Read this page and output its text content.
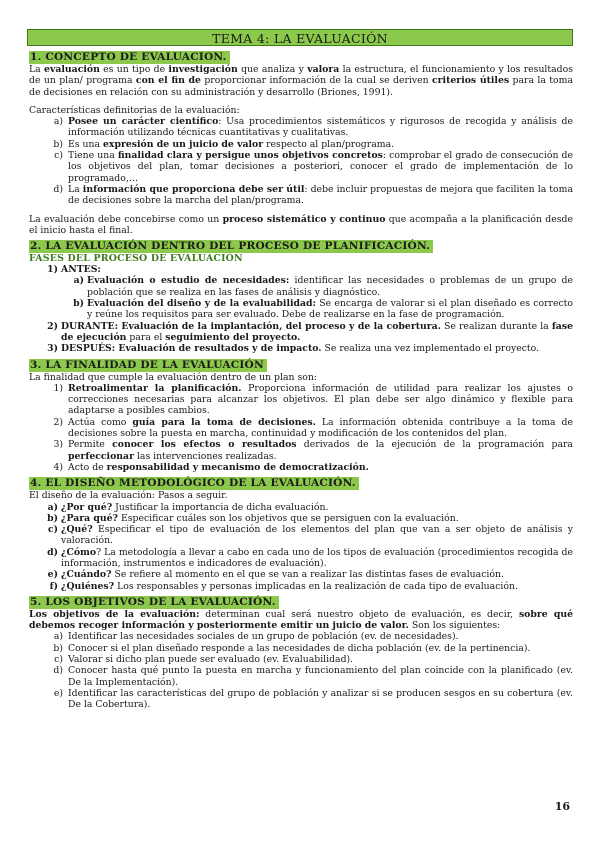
TEMA 4: LA EVALUACIÓN
1. CONCEPTO DE EVALUACION.

La evaluación es un tipo de investigación que analiza y valora la estructura, el funcionamiento y los resultados de un plan/ programa con el fin de proporcionar información de la cual se deriven criterios útiles para la toma de decisiones en relación con su administración y desarrollo (Briones, 1991).

Características definitorias de la evaluación:

a) Posee un carácter científico: Usa procedimientos sistemáticos y rigurosos de recogida y análisis de información utilizando técnicas cuantitativas y cualitativas.
b) Es una expresión de un juicio de valor respecto al plan/programa.
c) Tiene una finalidad clara y persigue unos objetivos concretos: comprobar el grado de consecución de los objetivos del plan, tomar decisiones a posteriori, conocer el grado de implementación de lo programado,…
d) La información que proporciona debe ser útil: debe incluir propuestas de mejora que faciliten la toma de decisiones sobre la marcha del plan/programa.

La evaluación debe concebirse como un proceso sistemático y continuo que acompaña a la planificación desde el inicio hasta el final.

2. LA EVALUACIÓN DENTRO DEL PROCESO DE PLANIFICACIÓN.
FASES DEL PROCESO DE EVALUACIÓN
1) ANTES:
a) Evaluación o estudio de necesidades: identificar las necesidades o problemas de un grupo de población que se realiza en las fases de análisis y diagnóstico.
b) Evaluación del diseño y de la evaluabilidad: Se encarga de valorar si el plan diseñado es correcto y reúne los requisitos para ser evaluado. Debe de realizarse en la fase de programación.
2) DURANTE: Evaluación de la implantación, del proceso y de la cobertura. Se realizan durante la fase de ejecución para el seguimiento del proyecto.
3) DESPUÉS: Evaluación de resultados y de impacto. Se realiza una vez implementado el proyecto.
3. LA FINALIDAD DE LA EVALUACIÓN

La finalidad que cumple la evaluación dentro de un plan son:

1) Retroalimentar la planificación. Proporciona información de utilidad para realizar los ajustes o correcciones necesarias para alcanzar los objetivos. El plan debe ser algo dinámico y flexible para adaptarse a posibles cambios.
2) Actúa como guía para la toma de decisiones. La información obtenida contribuye a la toma de decisiones sobre la puesta en marcha, continuidad y modificación de los contenidos del plan.
3) Permite conocer los efectos o resultados derivados de la ejecución de la programación para perfeccionar las intervenciones realizadas.
4) Acto de responsabilidad y mecanismo de democratización.
4. EL DISEÑO METODOLÓGICO DE LA EVALUACIÓN.

El diseño de la evaluación: Pasos a seguir.

a) ¿Por qué? Justificar la importancia de dicha evaluación.
b) ¿Para qué? Especificar cuáles son los objetivos que se persiguen con la evaluación.
c) ¿Qué? Especificar el tipo de evaluación de los elementos del plan que van a ser objeto de análisis y valoración.
d) ¿Cómo? La metodología a llevar a cabo en cada uno de los tipos de evaluación (procedimientos recogida de información, instrumentos e indicadores de evaluación).
e) ¿Cuándo? Se refiere al momento en el que se van a realizar las distintas fases de evaluación.
f) ¿Quiénes? Los responsables y personas implicadas en la realización de cada tipo de evaluación.
5. LOS OBJETIVOS DE LA EVALUACIÓN.

Los objetivos de la evaluación: determinan cual será nuestro objeto de evaluación, es decir, sobre qué debemos recoger información y posteriormente emitir un juicio de valor. Son los siguientes:

a) Identificar las necesidades sociales de un grupo de población (ev. de necesidades).
b) Conocer si el plan diseñado responde a las necesidades de dicha población (ev. de la pertinencia).
c) Valorar si dicho plan puede ser evaluado (ev. Evaluabilidad).
d) Conocer hasta qué punto la puesta en marcha y funcionamiento del plan coincide con la planificado (ev. De la Implementación).
e) Identificar las características del grupo de población y analizar si se producen sesgos en su cobertura (ev. De la Cobertura).
16
